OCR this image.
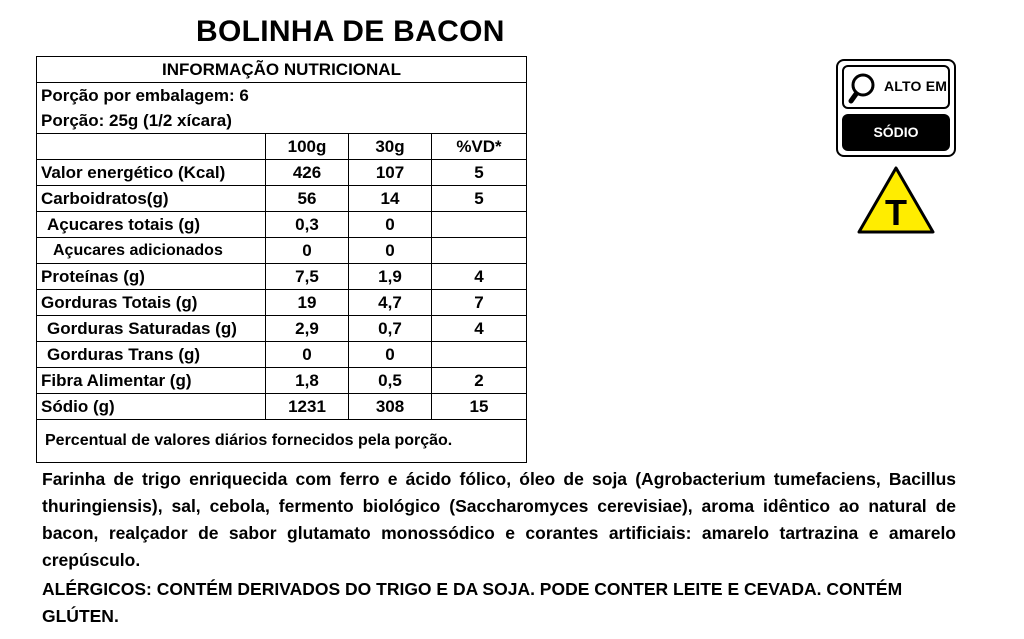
BOLINHA DE BACON
INFORMAÇÃO NUTRICIONAL			
Porção por embalagem: 6			
Porção: 25g (1/2 xícara)			
	100g	30g	%VD*
Valor energético (Kcal)	426	107	5
Carboidratos(g)	56	14	5
Açucares totais (g)	0,3	0	
Açucares adicionados	0	0	
Proteínas (g)	7,5	1,9	4
Gorduras Totais (g)	19	4,7	7
Gorduras Saturadas (g)	2,9	0,7	4
Gorduras Trans (g)	0	0	
Fibra Alimentar (g)	1,8	0,5	2
Sódio (g)	1231	308	15
Percentual de valores diários fornecidos pela porção.			
Farinha de trigo enriquecida com ferro e ácido fólico, óleo de soja (Agrobacterium tumefaciens, Bacillus thuringiensis), sal, cebola, fermento biológico (Saccharomyces cerevisiae), aroma idêntico ao natural de bacon, realçador de sabor glutamato monossódico e corantes artificiais: amarelo tartrazina e amarelo crepúsculo.
ALÉRGICOS: CONTÉM DERIVADOS DO TRIGO E DA SOJA. PODE CONTER LEITE E CEVADA. CONTÉM GLÚTEN.
ALTO EM
SÓDIO
T
